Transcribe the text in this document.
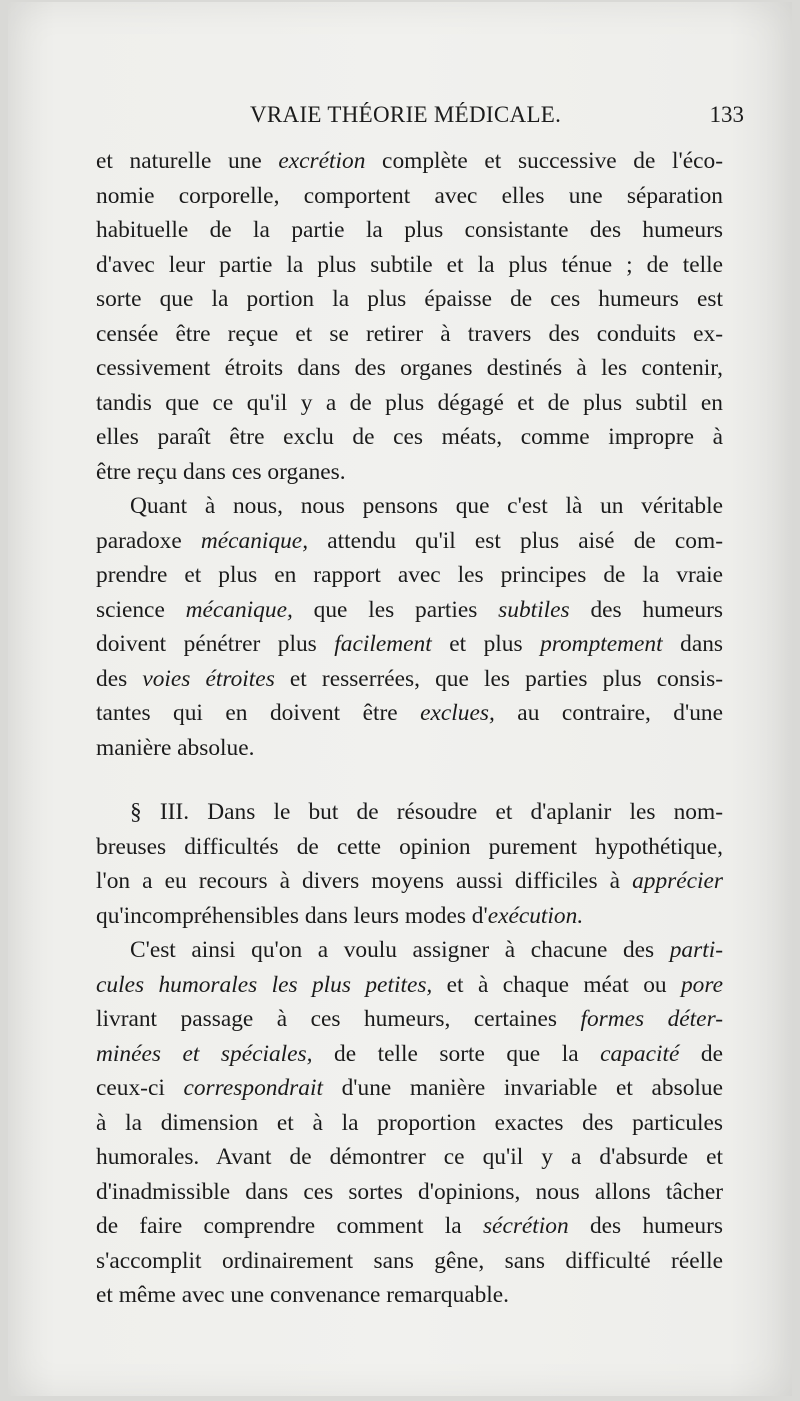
VRAIE THÉORIE MÉDICALE.	133
et naturelle une excrétion complète et successive de l'éco-
nomie corporelle, comportent avec elles une séparation
habituelle de la partie la plus consistante des humeurs
d'avec leur partie la plus subtile et la plus ténue ; de telle
sorte que la portion la plus épaisse de ces humeurs est
censée être reçue et se retirer à travers des conduits ex-
cessivement étroits dans des organes destinés à les contenir,
tandis que ce qu'il y a de plus dégagé et de plus subtil en
elles paraît être exclu de ces méats, comme impropre à
être reçu dans ces organes.
Quant à nous, nous pensons que c'est là un véritable
paradoxe mécanique, attendu qu'il est plus aisé de com-
prendre et plus en rapport avec les principes de la vraie
science mécanique, que les parties subtiles des humeurs
doivent pénétrer plus facilement et plus promptement dans
des voies étroites et resserrées, que les parties plus consis-
tantes qui en doivent être exclues, au contraire, d'une
manière absolue.
§ III. Dans le but de résoudre et d'aplanir les nom-
breuses difficultés de cette opinion purement hypothétique,
l'on a eu recours à divers moyens aussi difficiles à apprécier
qu'incompréhensibles dans leurs modes d'exécution.
C'est ainsi qu'on a voulu assigner à chacune des parti-
cules humorales les plus petites, et à chaque méat ou pore
livrant passage à ces humeurs, certaines formes déter-
minées et spéciales, de telle sorte que la capacité de
ceux-ci correspondrait d'une manière invariable et absolue
à la dimension et à la proportion exactes des particules
humorales. Avant de démontrer ce qu'il y a d'absurde et
d'inadmissible dans ces sortes d'opinions, nous allons tâcher
de faire comprendre comment la sécrétion des humeurs
s'accomplit ordinairement sans gêne, sans difficulté réelle
et même avec une convenance remarquable.
